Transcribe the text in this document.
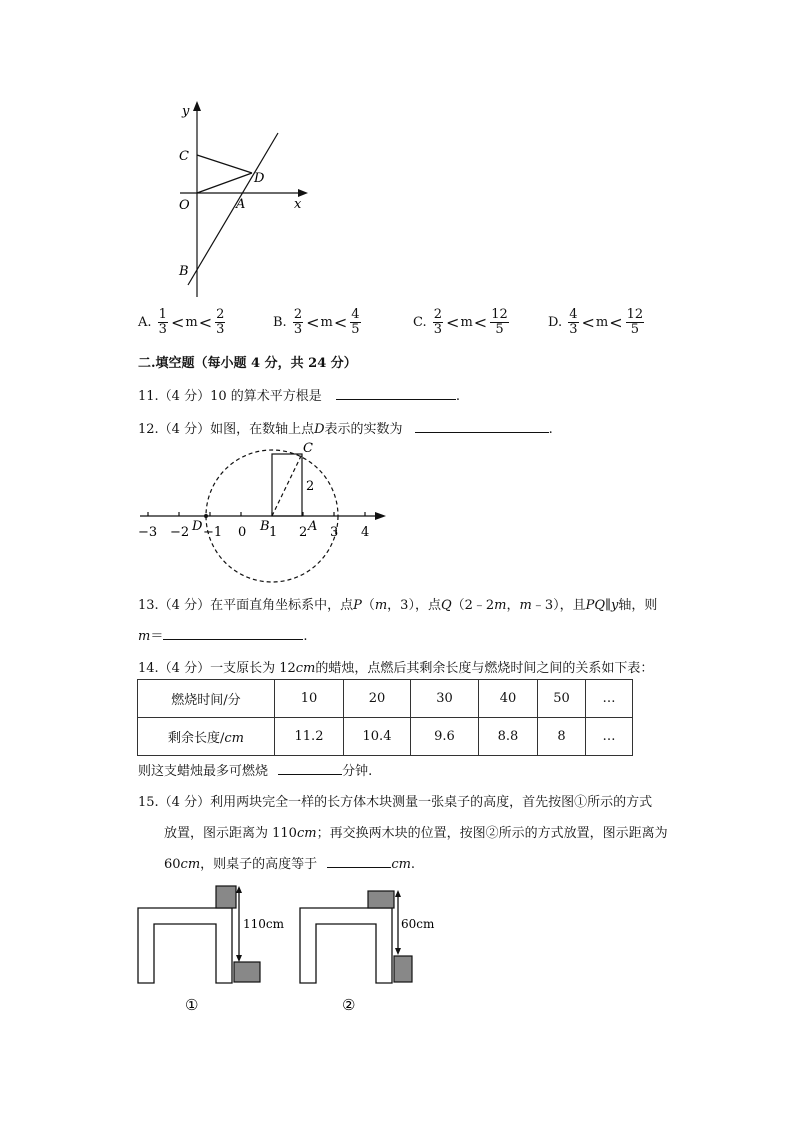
y
x
C
D
O	A
B
A.
$\frac{1}{3} < m < \frac{2}{3}$	B.
$\frac{2}{3} < m < \frac{4}{5}$	C.
$\frac{2}{3} < m < \frac{12}{5}$	D.
$\frac{4}{3} < m < \frac{12}{5}$
二.填空题（每小题 4 分，共 24 分）
11.（4 分）10 的算术平方根是	.
12.（4 分）如图，在数轴上点D表示的实数为	.
−3 −2 −1 0 1 2 3 4
C
2
D	B	A
13.（4 分）在平面直角坐标系中，点P（m，3），点Q（2﹣2m，m﹣3），且PQ∥y轴，则
m＝	.
14.（4 分）一支原长为 12cm的蜡烛，点燃后其剩余长度与燃烧时间之间的关系如下表：
燃烧时间/分	10	20	30	40	50	…
剩余长度/cm	11.2	10.4	9.6	8.8	8	…
则这支蜡烛最多可燃烧	分钟.
15.（4 分）利用两块完全一样的长方体木块测量一张桌子的高度，首先按图①所示的方式
放置，图示距离为 110cm；再交换两木块的位置，按图②所示的方式放置，图示距离为
60cm，则桌子的高度等于	cm.
110cm	60cm
①	②
